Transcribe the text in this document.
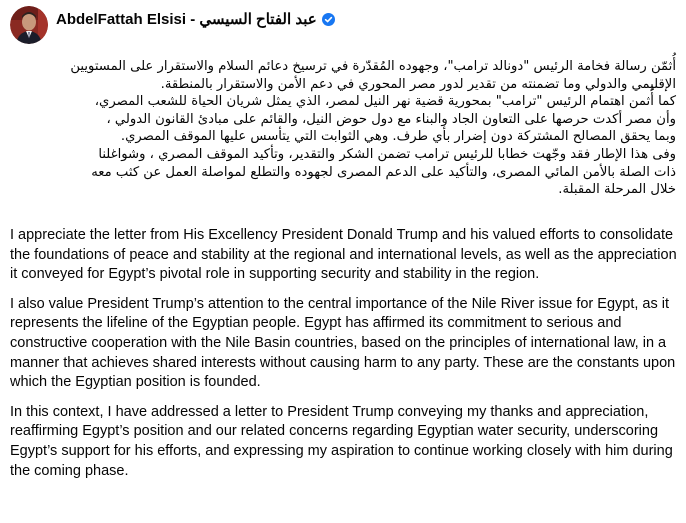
AbdelFattah Elsisi - عبد الفتاح السيسي
أُثمّن رسالة فخامة الرئيس "دونالد ترامب"، وجهوده المُقدّرة في ترسيخ دعائم السلام والاستقرار على المستويين
الإقليمي والدولي وما تضمنته من تقدير لدور مصر المحوري في دعم الأمن والاستقرار بالمنطقة.
كما أُثمن اهتمام الرئيس "ترامب" بمحورية قضية نهر النيل لمصر، الذي يمثل شريان الحياة للشعب المصري،
وأن مصر أكدت حرصها على التعاون الجاد والبناء مع دول حوض النيل، والقائم على مبادئ القانون الدولي ،
وبما يحقق المصالح المشتركة دون إضرار بأي طرف. وهي الثوابت التي يتأسس عليها الموقف المصري.
وفى هذا الإطار فقد وجّهت خطابا للرئيس ترامب تضمن الشكر والتقدير، وتأكيد الموقف المصري ، وشواغلنا
ذات الصلة بالأمن المائي المصرى، والتأكيد على الدعم المصرى لجهوده والتطلع لمواصلة العمل عن كثب معه
خلال المرحلة المقبلة.

I appreciate the letter from His Excellency President Donald Trump and his valued efforts to consolidate the foundations of peace and stability at the regional and international levels, as well as the appreciation it conveyed for Egypt’s pivotal role in supporting security and stability in the region.

I also value President Trump’s attention to the central importance of the Nile River issue for Egypt, as it represents the lifeline of the Egyptian people. Egypt has affirmed its commitment to serious and constructive cooperation with the Nile Basin countries, based on the principles of international law, in a manner that achieves shared interests without causing harm to any party. These are the constants upon which the Egyptian position is founded.

In this context, I have addressed a letter to President Trump conveying my thanks and appreciation, reaffirming Egypt’s position and our related concerns regarding Egyptian water security, underscoring Egypt’s support for his efforts, and expressing my aspiration to continue working closely with him during the coming phase.
